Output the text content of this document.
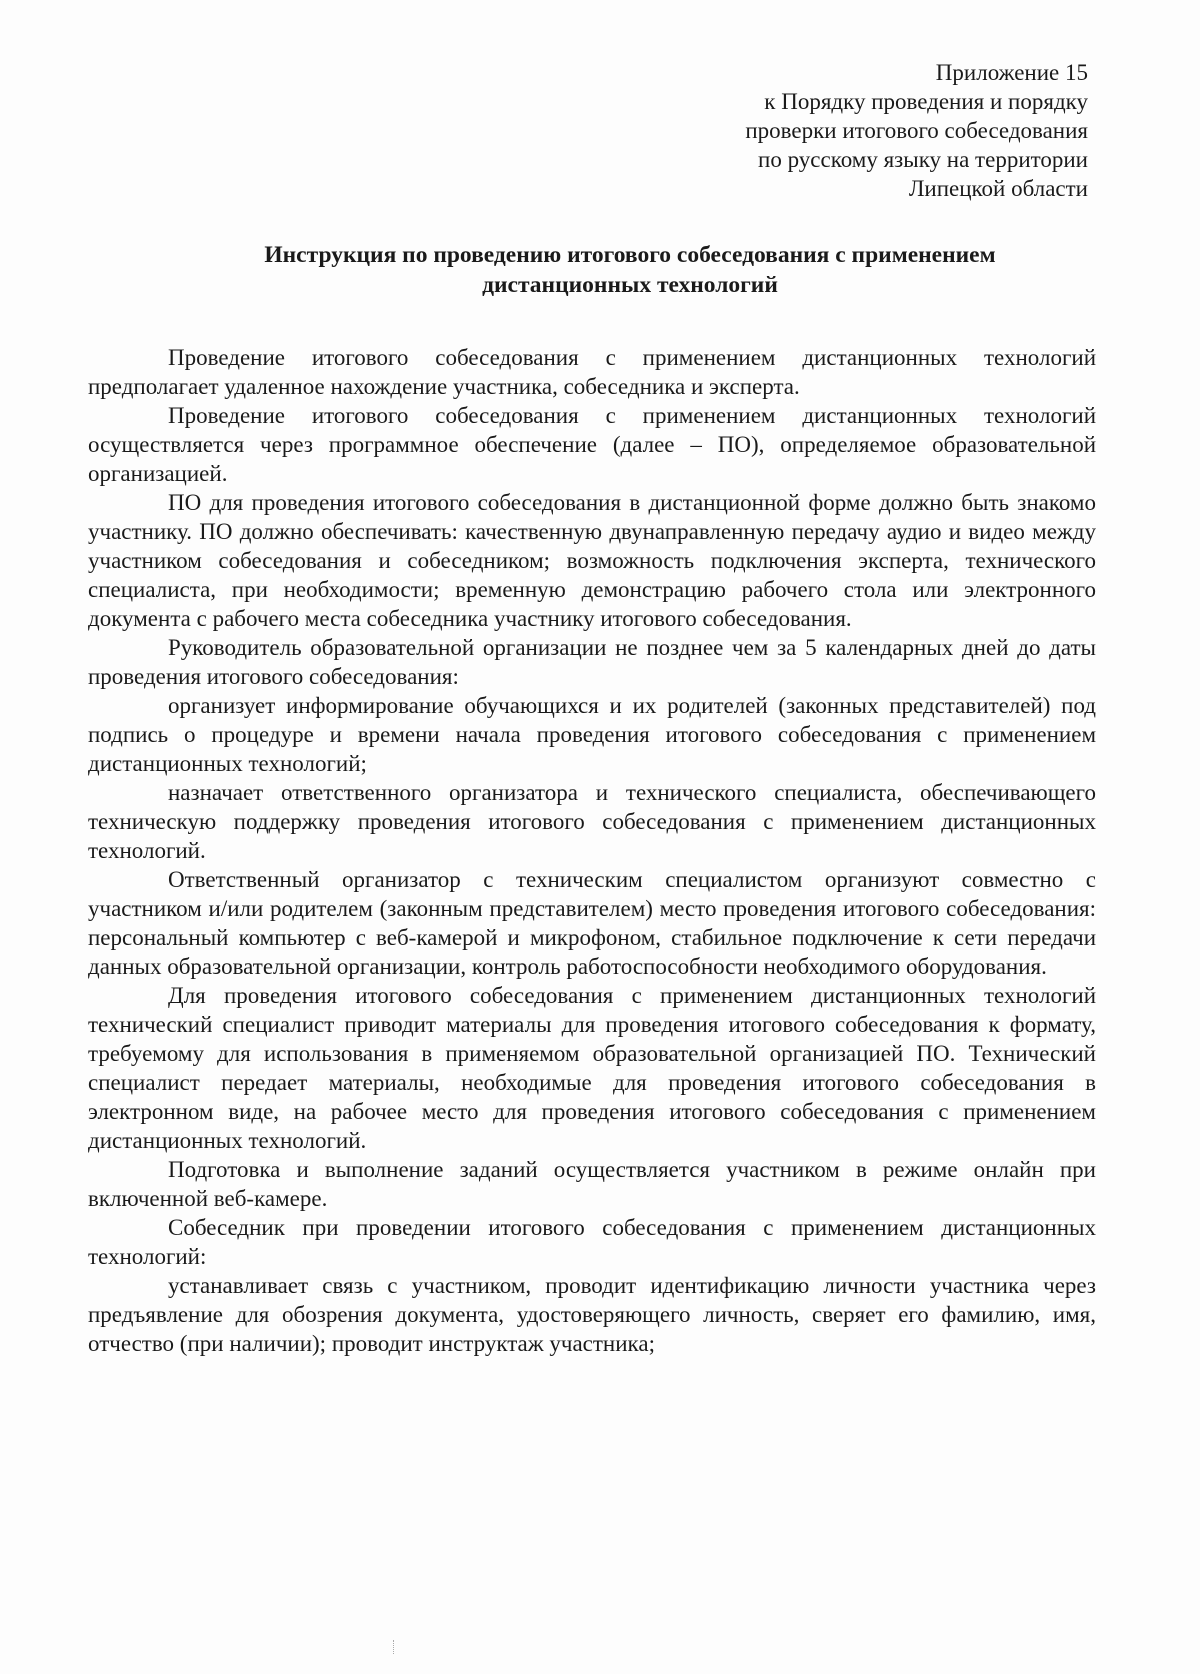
Приложение 15
к Порядку проведения и порядку
проверки итогового собеседования
по русскому языку на территории
Липецкой области
Инструкция по проведению итогового собеседования с применением
дистанционных технологий

Проведение итогового собеседования с применением дистанционных технологий предполагает удаленное нахождение участника, собеседника и эксперта.

Проведение итогового собеседования с применением дистанционных технологий осуществляется через программное обеспечение (далее – ПО), определяемое образовательной организацией.

ПО для проведения итогового собеседования в дистанционной форме должно быть знакомо участнику. ПО должно обеспечивать: качественную двунаправленную передачу аудио и видео между участником собеседования и собеседником; возможность подключения эксперта, технического специалиста, при необходимости; временную демонстрацию рабочего стола или электронного документа с рабочего места собеседника участнику итогового собеседования.

Руководитель образовательной организации не позднее чем за 5 календарных дней до даты проведения итогового собеседования:

организует информирование обучающихся и их родителей (законных представителей) под подпись о процедуре и времени начала проведения итогового собеседования с применением дистанционных технологий;

назначает ответственного организатора и технического специалиста, обеспечивающего техническую поддержку проведения итогового собеседования с применением дистанционных технологий.

Ответственный организатор с техническим специалистом организуют совместно с участником и/или родителем (законным представителем) место проведения итогового собеседования: персональный компьютер с веб-камерой и микрофоном, стабильное подключение к сети передачи данных образовательной организации, контроль работоспособности необходимого оборудования.

Для проведения итогового собеседования с применением дистанционных технологий технический специалист приводит материалы для проведения итогового собеседования к формату, требуемому для использования в применяемом образовательной организацией ПО. Технический специалист передает материалы, необходимые для проведения итогового собеседования в электронном виде, на рабочее место для проведения итогового собеседования с применением дистанционных технологий.

Подготовка и выполнение заданий осуществляется участником в режиме онлайн при включенной веб-камере.

Собеседник при проведении итогового собеседования с применением дистанционных технологий:

устанавливает связь с участником, проводит идентификацию личности участника через предъявление для обозрения документа, удостоверяющего личность, сверяет его фамилию, имя, отчество (при наличии); проводит инструктаж участника;
